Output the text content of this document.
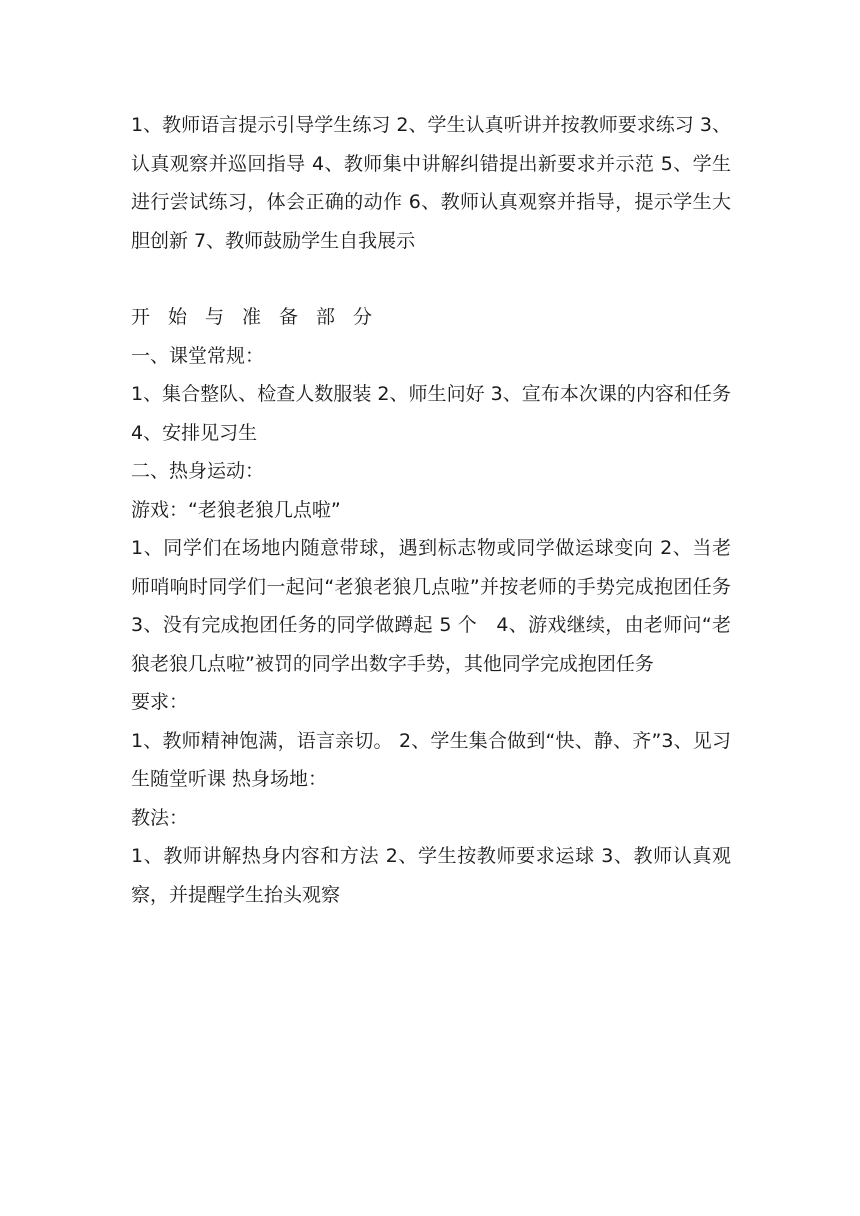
1、教师语言提示引导学生练习 2、学生认真听讲并按教师要求练习 3、认真观察并巡回指导 4、教师集中讲解纠错提出新要求并示范 5、学生进行尝试练习，体会正确的动作 6、教师认真观察并指导，提示学生大胆创新 7、教师鼓励学生自我展示

开始与准备部分

一、课堂常规：

1、集合整队、检查人数服装 2、师生问好 3、宣布本次课的内容和任务 4、安排见习生

二、热身运动：

游戏：“老狼老狼几点啦”

1、同学们在场地内随意带球，遇到标志物或同学做运球变向 2、当老师哨响时同学们一起问“老狼老狼几点啦”并按老师的手势完成抱团任务　3、没有完成抱团任务的同学做蹲起 5 个　4、游戏继续，由老师问“老狼老狼几点啦”被罚的同学出数字手势，其他同学完成抱团任务

要求：

1、教师精神饱满，语言亲切。 2、学生集合做到“快、静、齐”3、见习生随堂听课 热身场地：

教法：

1、教师讲解热身内容和方法 2、学生按教师要求运球 3、教师认真观察，并提醒学生抬头观察
